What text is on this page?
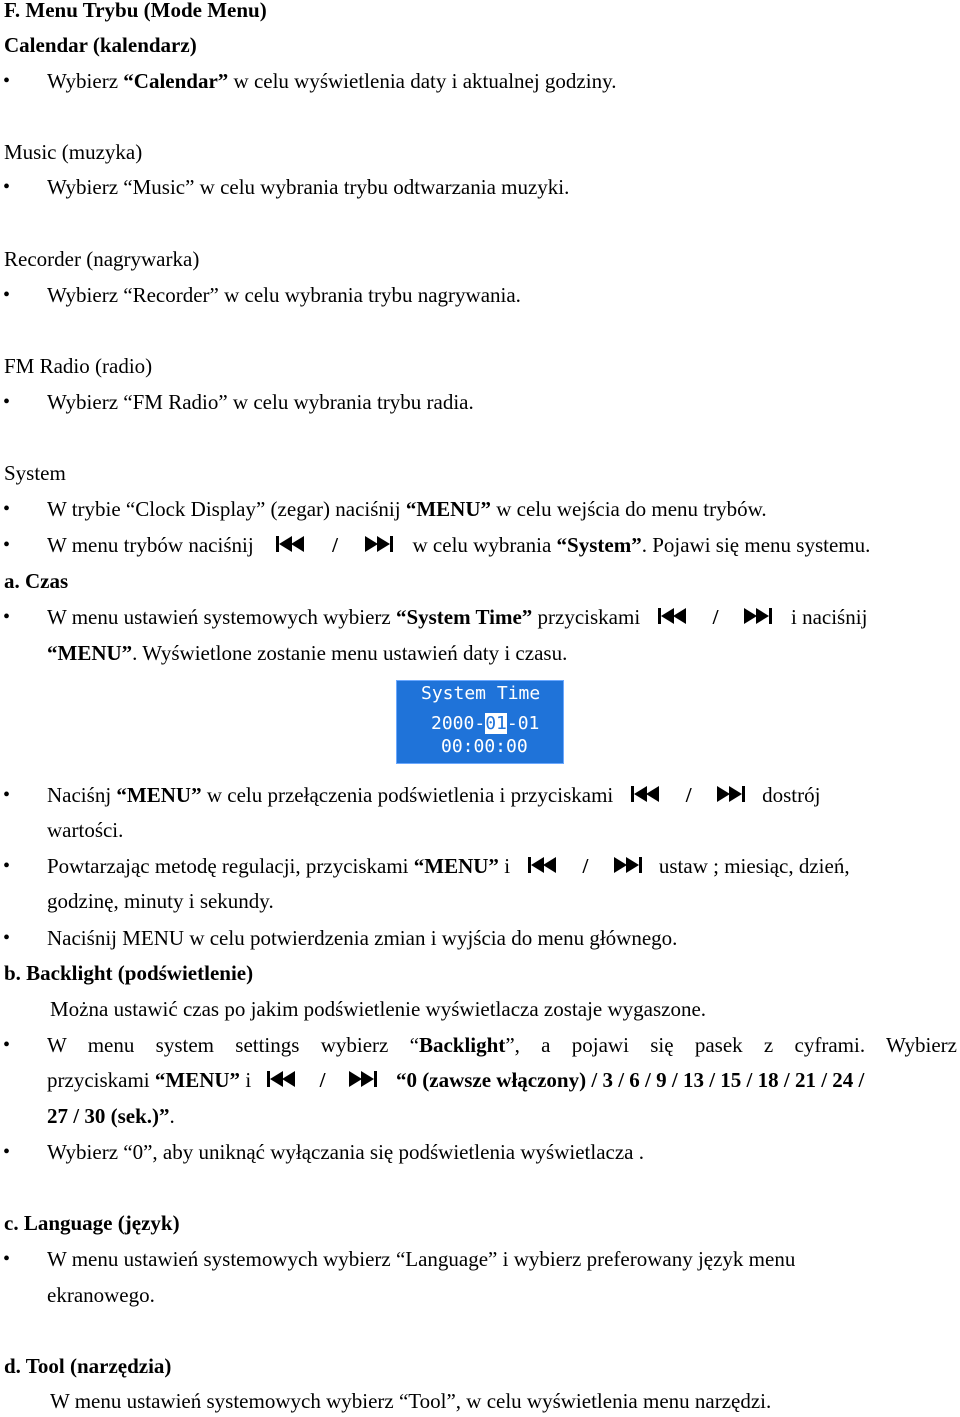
F. Menu Trybu (Mode Menu)
Calendar (kalendarz)
• Wybierz “Calendar” w celu wyświetlenia daty i aktualnej godziny.
Music (muzyka)
• Wybierz “Music” w celu wybrania trybu odtwarzania muzyki.
Recorder (nagrywarka)
• Wybierz “Recorder” w celu wybrania trybu nagrywania.
FM Radio (radio)
• Wybierz “FM Radio” w celu wybrania trybu radia.
System
• W trybie “Clock Display” (zegar) naciśnij “MENU” w celu wejścia do menu trybów.
• W menu trybów naciśnij	/	w celu wybrania “System”. Pojawi się menu systemu.
a. Czas
• W menu ustawień systemowych wybierz “System Time” przyciskami	/	i naciśnij
“MENU”. Wyświetlone zostanie menu ustawień daty i czasu.
System Time
2000-01-01
00:00:00
• Naciśnj “MENU” w celu przełączenia podświetlenia i przyciskami	/	dostrój
wartości.
• Powtarzając metodę regulacji, przyciskami “MENU” i	/	ustaw ; miesiąc, dzień,
godzinę, minuty i sekundy.
• Naciśnij MENU w celu potwierdzenia zmian i wyjścia do menu głównego.
b. Backlight (podświetlenie)
Można ustawić czas po jakim podświetlenie wyświetlacza zostaje wygaszone.
• W menu system settings wybierz “Backlight”, a pojawi się pasek z cyframi. Wybierz
przyciskami “MENU” i	/	“0 (zawsze włączony) / 3 / 6 / 9 / 13 / 15 / 18 / 21 / 24 /
27 / 30 (sek.)”.
• Wybierz “0”, aby uniknąć wyłączania się podświetlenia wyświetlacza .
c. Language (język)
• W menu ustawień systemowych wybierz “Language” i wybierz preferowany język menu
ekranowego.
d. Tool (narzędzia)
W menu ustawień systemowych wybierz “Tool”, w celu wyświetlenia menu narzędzi.
